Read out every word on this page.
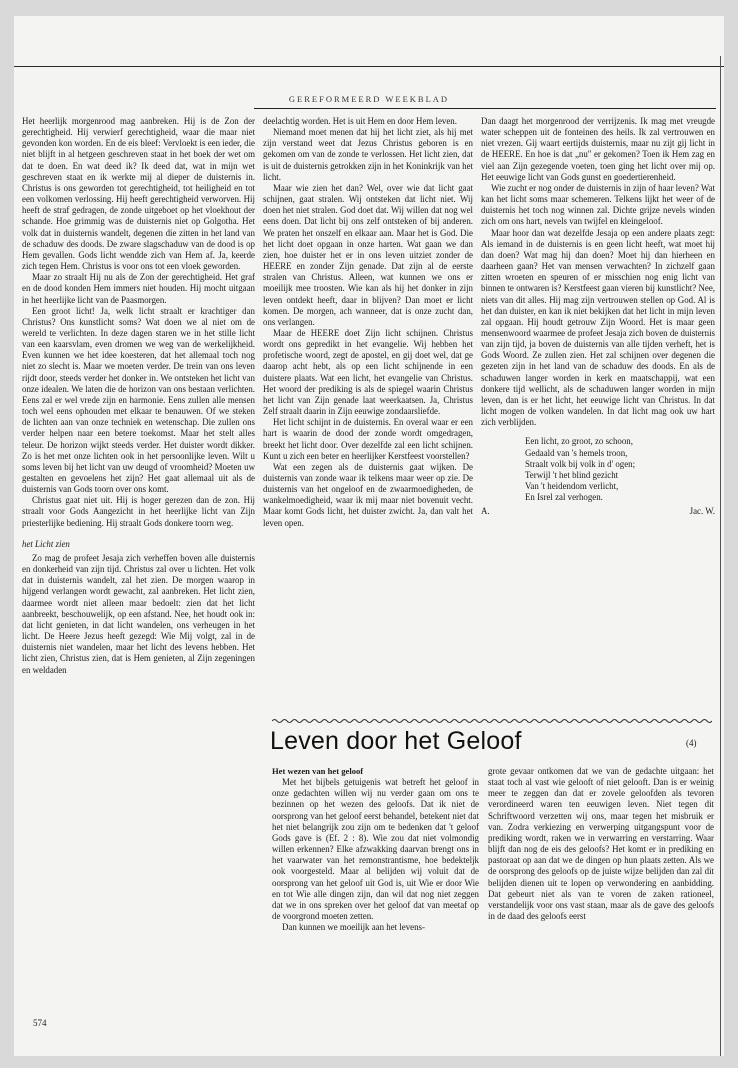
GEREFORMEERD WEEKBLAD

Het heerlijk morgenrood mag aanbreken. Hij is de Zon der gerechtigheid. Hij verwierf gerechtigheid, waar die maar niet gevonden kon worden. En de eis bleef: Vervloekt is een ieder, die niet blijft in al hetgeen geschreven staat in het boek der wet om dat te doen. En wat deed ik? Ik deed dat, wat in mijn wet geschreven staat en ik werkte mij al dieper de duisternis in. Christus is ons geworden tot gerechtigheid, tot heiligheid en tot een volkomen verlossing. Hij heeft gerechtigheid verworven. Hij heeft de straf gedragen, de zonde uitgeboet op het vloekhout der schande. Hoe grimmig was de duisternis niet op Golgotha. Het volk dat in duisternis wandelt, degenen die zitten in het land van de schaduw des doods. De zware slagschaduw van de dood is op Hem gevallen. Gods licht wendde zich van Hem af. Ja, keerde zich tegen Hem. Christus is voor ons tot een vloek geworden.

Maar zo straalt Hij nu als de Zon der gerechtigheid. Het graf en de dood konden Hem immers niet houden. Hij mocht uitgaan in het heerlijke licht van de Paasmorgen.

Een groot licht! Ja, welk licht straalt er krachtiger dan Christus? Ons kunstlicht soms? Wat doen we al niet om de wereld te verlichten. In deze dagen staren we in het stille licht van een kaarsvlam, even dromen we weg van de werkelijkheid. Even kunnen we het idee koesteren, dat het allemaal toch nog niet zo slecht is. Maar we moeten verder. De trein van ons leven rijdt door, steeds verder het donker in. We ontsteken het licht van onze idealen. We laten die de horizon van ons bestaan verlichten. Eens zal er wel vrede zijn en harmonie. Eens zullen alle mensen toch wel eens ophouden met elkaar te benauwen. Of we steken de lichten aan van onze techniek en wetenschap. Die zullen ons verder helpen naar een betere toekomst. Maar het stelt alles teleur. De horizon wijkt steeds verder. Het duister wordt dikker. Zo is het met onze lichten ook in het persoonlijke leven. Wilt u soms leven bij het licht van uw deugd of vroomheid? Moeten uw gestalten en gevoelens het zijn? Het gaat allemaal uit als de duisternis van Gods toorn over ons komt.

Christus gaat niet uit. Hij is hoger gerezen dan de zon. Hij straalt voor Gods Aangezicht in het heerlijke licht van Zijn priesterlijke bediening. Hij straalt Gods donkere toorn weg.

het Licht zien

Zo mag de profeet Jesaja zich verheffen boven alle duisternis en donkerheid van zijn tijd. Christus zal over u lichten. Het volk dat in duisternis wandelt, zal het zien. De morgen waarop in hijgend verlangen wordt gewacht, zal aanbreken. Het licht zien, daarmee wordt niet alleen maar bedoelt: zien dat het licht aanbreekt, beschouwelijk, op een afstand. Nee, het houdt ook in: dat licht genieten, in dat licht wandelen, ons verheugen in het licht. De Heere Jezus heeft gezegd: Wie Mij volgt, zal in de duisternis niet wandelen, maar het licht des levens hebben. Het licht zien, Christus zien, dat is Hem genieten, al Zijn zegeningen en weldaden

deelachtig worden. Het is uit Hem en door Hem leven.

Niemand moet menen dat hij het licht ziet, als hij met zijn verstand weet dat Jezus Christus geboren is en gekomen om van de zonde te verlossen. Het licht zien, dat is uit de duisternis getrokken zijn in het Koninkrijk van het licht.

Maar wie zien het dan? Wel, over wie dat licht gaat schijnen, gaat stralen. Wij ontsteken dat licht niet. Wij doen het niet stralen. God doet dat. Wij willen dat nog wel eens doen. Dat licht bij ons zelf ontsteken of bij anderen. We praten het onszelf en elkaar aan. Maar het is God. Die het licht doet opgaan in onze harten. Wat gaan we dan zien, hoe duister het er in ons leven uitziet zonder de HEERE en zonder Zijn genade. Dat zijn al de eerste stralen van Christus. Alleen, wat kunnen we ons er moeilijk mee troosten. Wie kan als hij het donker in zijn leven ontdekt heeft, daar in blijven? Dan moet er licht komen. De morgen, ach wanneer, dat is onze zucht dan, ons verlangen.

Maar de HEERE doet Zijn licht schijnen. Christus wordt ons gepredikt in het evangelie. Wij hebben het profetische woord, zegt de apostel, en gij doet wel, dat ge daarop acht hebt, als op een licht schijnende in een duistere plaats. Wat een licht, het evangelie van Christus. Het woord der prediking is als de spiegel waarin Christus het licht van Zijn genade laat weerkaatsen. Ja, Christus Zelf straalt daarin in Zijn eeuwige zondaarsliefde.

Het licht schijnt in de duisternis. En overal waar er een hart is waarin de dood der zonde wordt omgedragen, breekt het licht door. Over dezelfde zal een licht schijnen. Kunt u zich een beter en heerlijker Kerstfeest voorstellen?

Wat een zegen als de duisternis gaat wijken. De duisternis van zonde waar ik telkens maar weer op zie. De duisternis van het ongeloof en de zwaarmoedigheden, de wankelmoedigheid, waar ik mij maar niet bovenuit vecht. Maar komt Gods licht, het duister zwicht. Ja, dan valt het leven open.

Dan daagt het morgenrood der verrijzenis. Ik mag met vreugde water scheppen uit de fonteinen des heils. Ik zal vertrouwen en niet vrezen. Gij waart eertijds duisternis, maar nu zijt gij licht in de HEERE. En hoe is dat „nu" er gekomen? Toen ik Hem zag en viel aan Zijn gezegende voeten, toen ging het licht over mij op. Het eeuwige licht van Gods gunst en goedertierenheid.

Wie zucht er nog onder de duisternis in zijn of haar leven? Wat kan het licht soms maar schemeren. Telkens lijkt het weer of de duisternis het toch nog winnen zal. Dichte grijze nevels winden zich om ons hart, nevels van twijfel en kleingeloof.

Maar hoor dan wat dezelfde Jesaja op een andere plaats zegt: Als iemand in de duisternis is en geen licht heeft, wat moet hij dan doen? Wat mag hij dan doen? Moet hij dan hierheen en daarheen gaan? Het van mensen verwachten? In zichzelf gaan zitten wroeten en speuren of er misschien nog enig licht van binnen te ontwaren is? Kerstfeest gaan vieren bij kunstlicht? Nee, niets van dit alles. Hij mag zijn vertrouwen stellen op God. Al is het dan duister, en kan ik niet bekijken dat het licht in mijn leven zal opgaan. Hij houdt getrouw Zijn Woord. Het is maar geen mensenwoord waarmee de profeet Jesaja zich boven de duisternis van zijn tijd, ja boven de duisternis van alle tijden verheft, het is Gods Woord. Ze zullen zien. Het zal schijnen over degenen die gezeten zijn in het land van de schaduw des doods. En als de schaduwen langer worden in kerk en maatschappij, wat een donkere tijd wellicht, als de schaduwen langer worden in mijn leven, dan is er het licht, het eeuwige licht van Christus. In dat licht mogen de volken wandelen. In dat licht mag ook uw hart zich verblijden.

Een licht, zo groot, zo schoon,
Gedaald van 's hemels troon,
Straalt volk bij volk in d' ogen;
Terwijl 't het blind gezicht
Van 't heidendom verlicht,
En Isrel zal verhogen.
A.	Jac. W.
Leven door het Geloof	(4)

Het wezen van het geloof

Met het bijbels getuigenis wat betreft het geloof in onze gedachten willen wij nu verder gaan om ons te bezinnen op het wezen des geloofs. Dat ik niet de oorsprong van het geloof eerst behandel, betekent niet dat het niet belangrijk zou zijn om te bedenken dat 't geloof Gods gave is (Ef. 2 : 8). Wie zou dat niet volmondig willen erkennen? Elke afzwakking daarvan brengt ons in het vaarwater van het remonstrantisme, hoe bedekteljk ook voorgesteld. Maar al belijden wij voluit dat de oorsprong van het geloof uit God is, uit Wie er door Wie en tot Wie alle dingen zijn, dan wil dat nog niet zeggen dat we in ons spreken over het geloof dat van meetaf op de voorgrond moeten zetten.

Dan kunnen we moeilijk aan het levens-

grote gevaar ontkomen dat we van de gedachte uitgaan: het staat toch al vast wie gelooft of niet gelooft. Dan is er weinig meer te zeggen dan dat er zovele geloofden als tevoren verordineerd waren ten eeuwigen leven. Niet tegen dit Schriftwoord verzetten wij ons, maar tegen het misbruik er van. Zodra verkiezing en verwerping uitgangspunt voor de prediking wordt, raken we in verwarring en verstarring. Waar blijft dan nog de eis des geloofs? Het komt er in prediking en pastoraat op aan dat we de dingen op hun plaats zetten. Als we de oorsprong des geloofs op de juiste wijze belijden dan zal dit belijden dienen uit te lopen op verwondering en aanbidding. Dat gebeurt niet als van te voren de zaken rationeel, verstandelijk voor ons vast staan, maar als de gave des geloofs in de daad des geloofs eerst

574
